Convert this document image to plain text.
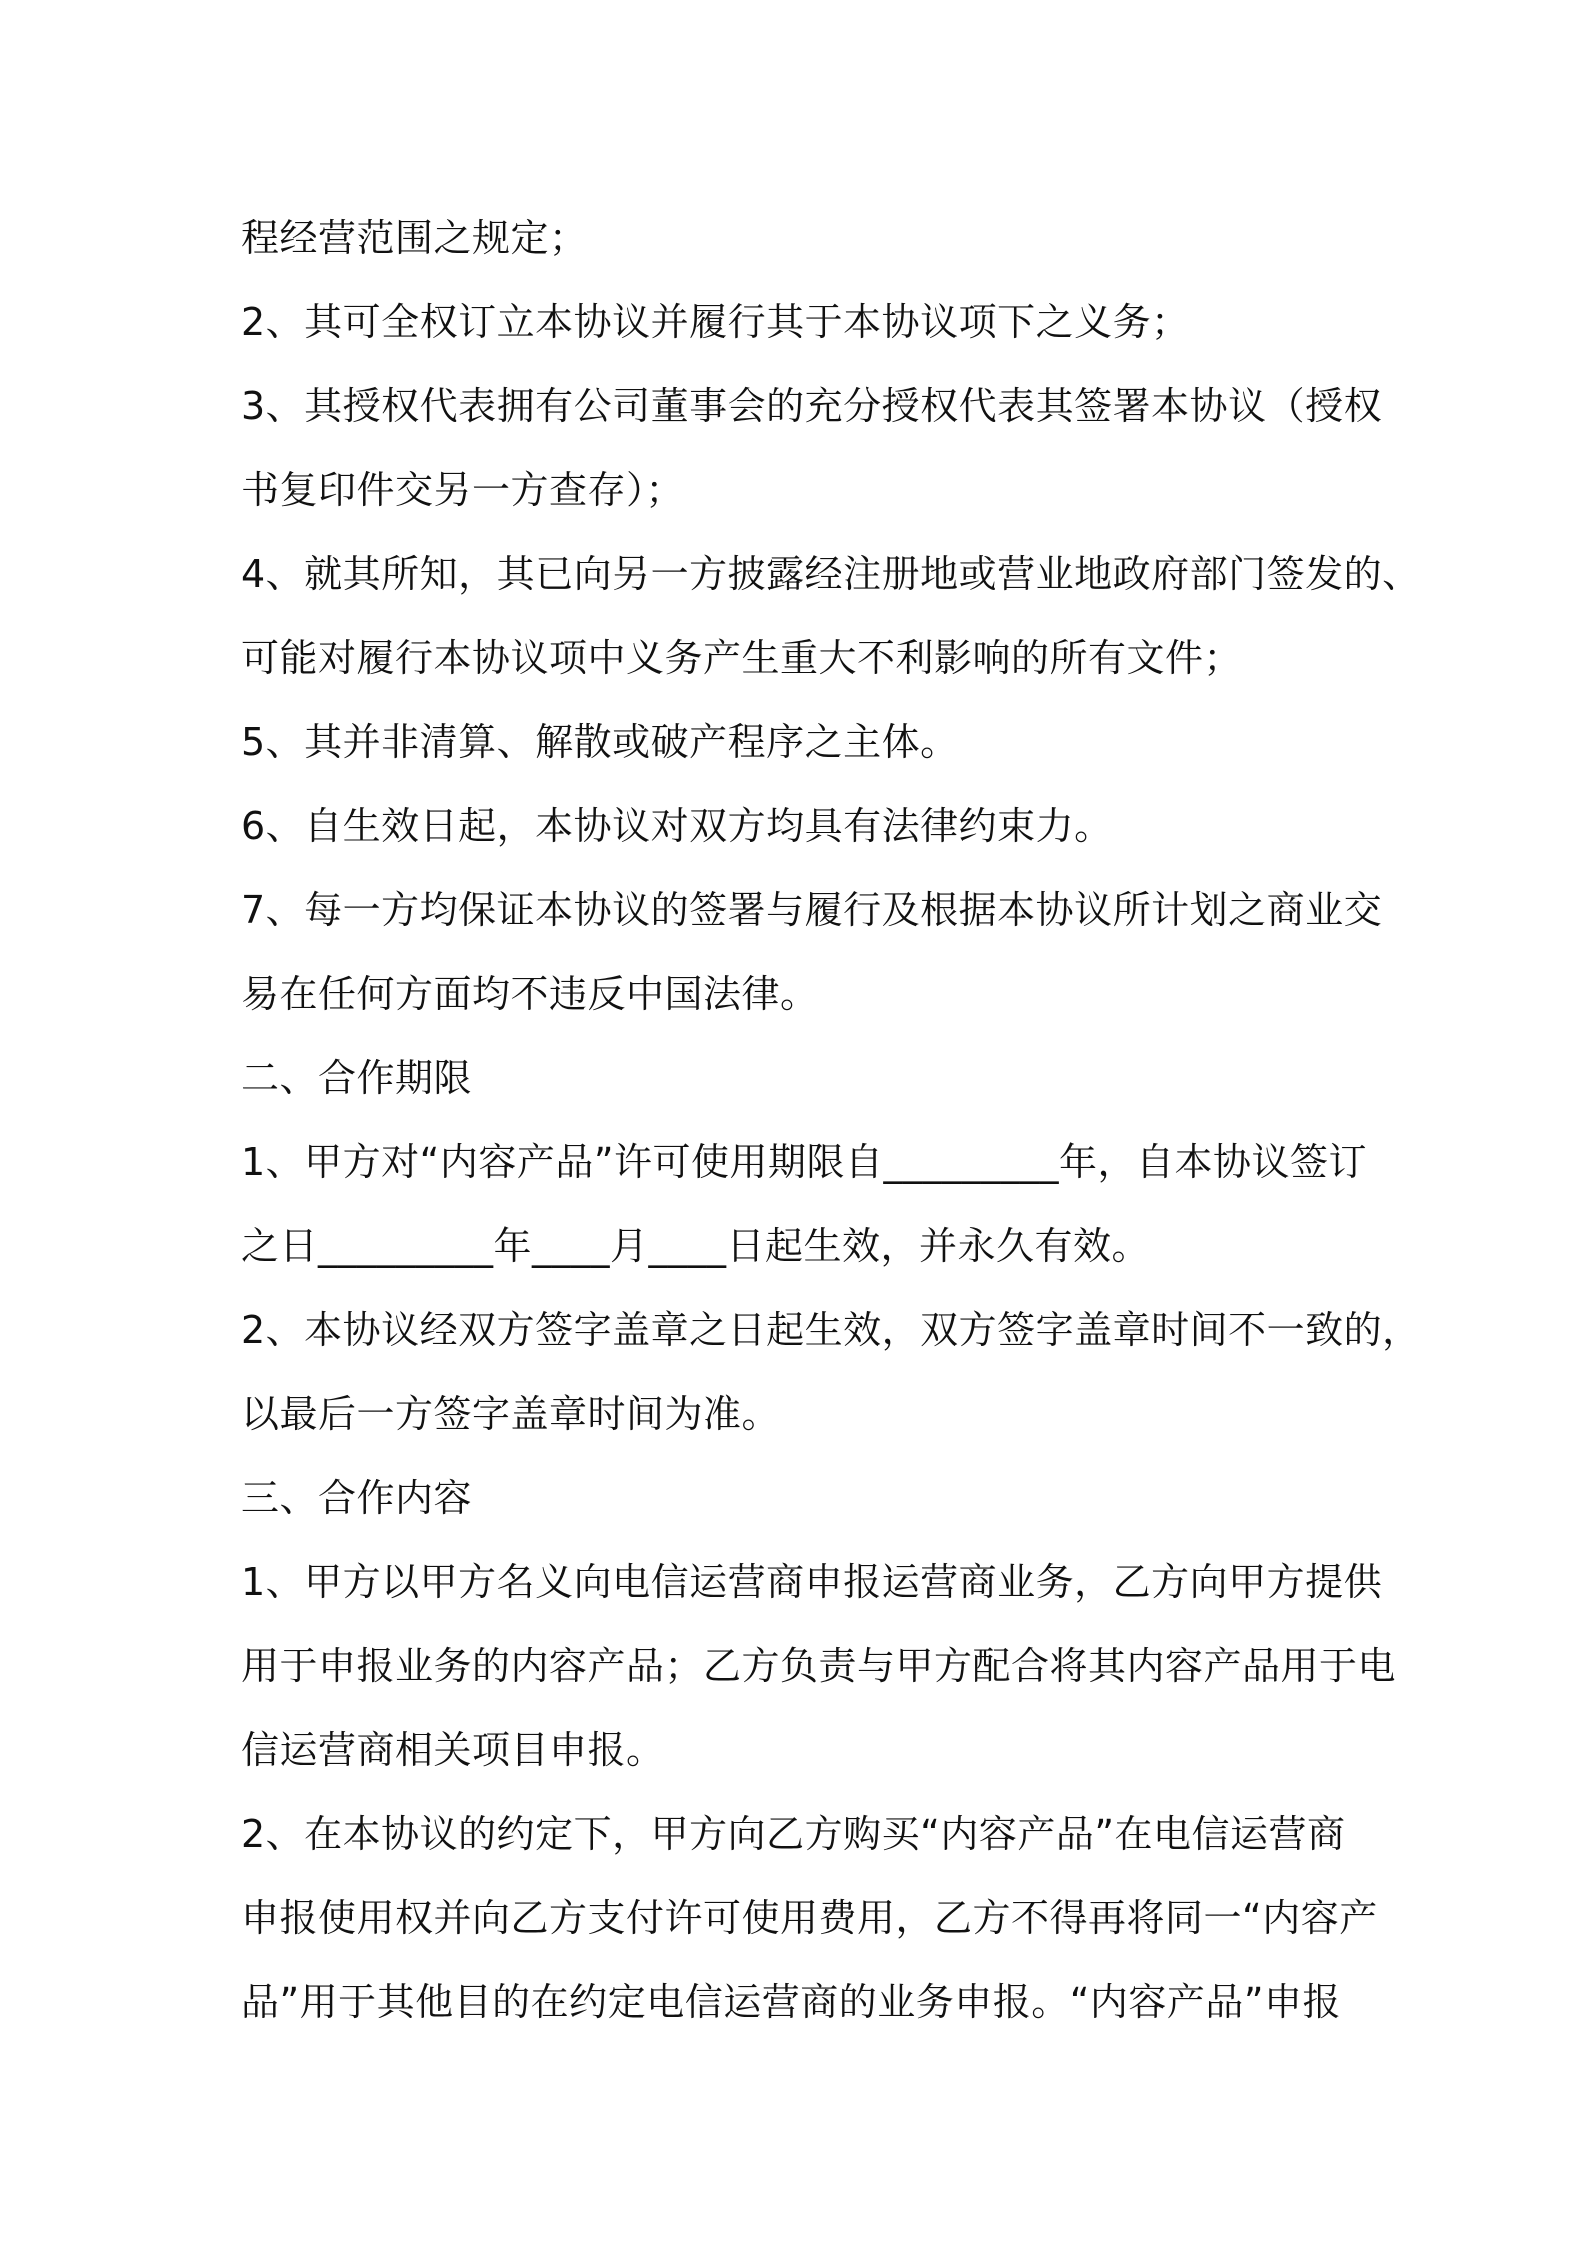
程经营范围之规定；
2、其可全权订立本协议并履行其于本协议项下之义务；
3、其授权代表拥有公司董事会的充分授权代表其签署本协议（授权
书复印件交另一方查存）；
4、就其所知，其已向另一方披露经注册地或营业地政府部门签发的、
可能对履行本协议项中义务产生重大不利影响的所有文件；
5、其并非清算、解散或破产程序之主体。
6、自生效日起，本协议对双方均具有法律约束力。
7、每一方均保证本协议的签署与履行及根据本协议所计划之商业交
易在任何方面均不违反中国法律。
二、合作期限
1、甲方对“内容产品”许可使用期限自_________年，自本协议签订
之日_________年____月____日起生效，并永久有效。
2、本协议经双方签字盖章之日起生效，双方签字盖章时间不一致的，
以最后一方签字盖章时间为准。
三、合作内容
1、甲方以甲方名义向电信运营商申报运营商业务，乙方向甲方提供
用于申报业务的内容产品；乙方负责与甲方配合将其内容产品用于电
信运营商相关项目申报。
2、在本协议的约定下，甲方向乙方购买“内容产品”在电信运营商
申报使用权并向乙方支付许可使用费用，乙方不得再将同一“内容产
品”用于其他目的在约定电信运营商的业务申报。“内容产品”申报
